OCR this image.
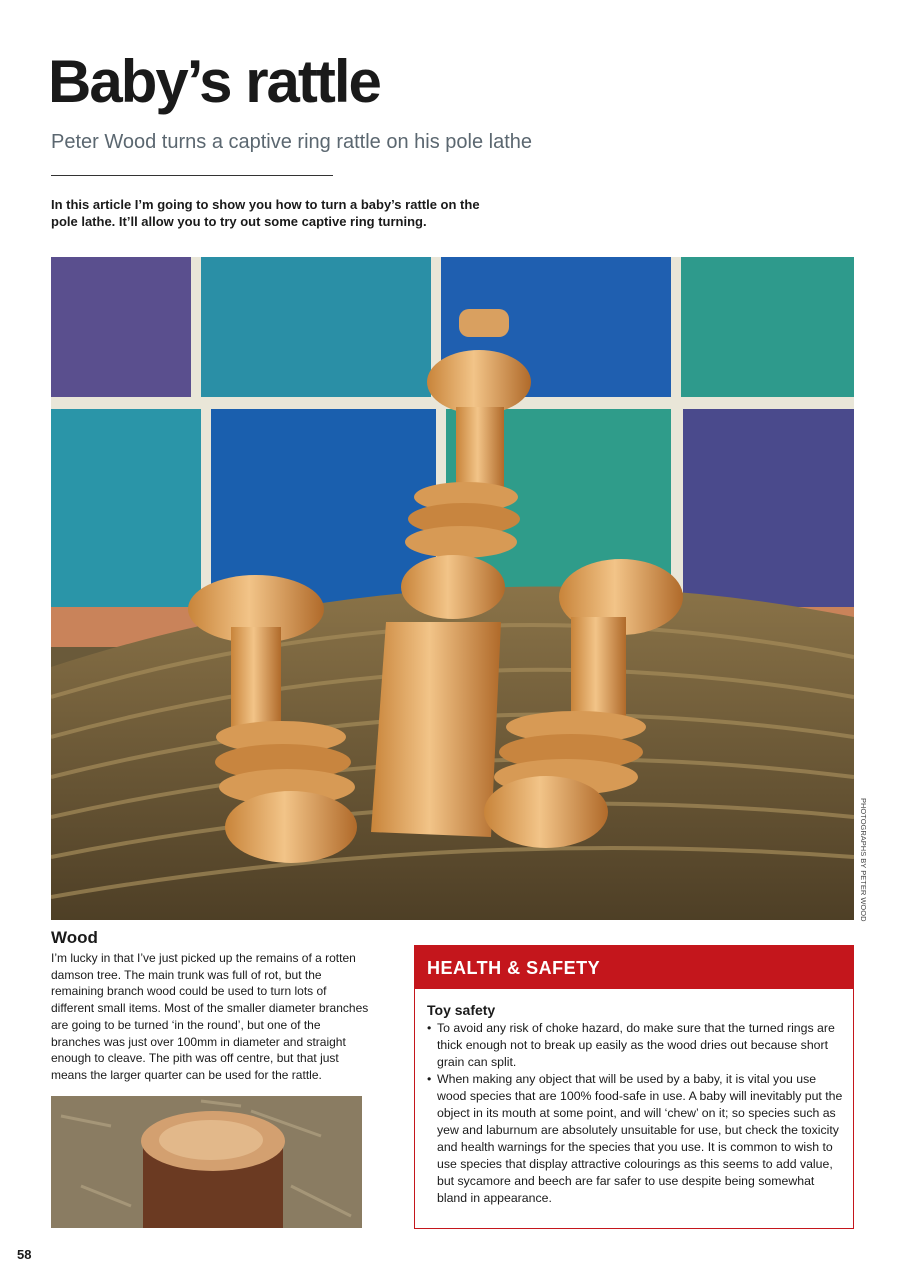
Baby’s rattle
Peter Wood turns a captive ring rattle on his pole lathe
In this article I’m going to show you how to turn a baby’s rattle on the pole lathe. It’ll allow you to try out some captive ring turning.
PHOTOGRAPHS BY PETER WOOD
Wood
I’m lucky in that I’ve just picked up the remains of a rotten damson tree. The main trunk was full of rot, but the remaining branch wood could be used to turn lots of different small items. Most of the smaller diameter branches are going to be turned ‘in the round’, but one of the branches was just over 100mm in diameter and straight enough to cleave. The pith was off centre, but that just means the larger quarter can be used for the rattle.
HEALTH & SAFETY
Toy safety
• To avoid any risk of choke hazard, do make sure that the turned rings are thick enough not to break up easily as the wood dries out because short grain can split.
• When making any object that will be used by a baby, it is vital you use wood species that are 100% food-safe in use. A baby will inevitably put the object in its mouth at some point, and will ‘chew’ on it; so species such as yew and laburnum are absolutely unsuitable for use, but check the toxicity and health warnings for the species that you use. It is common to wish to use species that display attractive colourings as this seems to add value, but sycamore and beech are far safer to use despite being somewhat bland in appearance.
58
